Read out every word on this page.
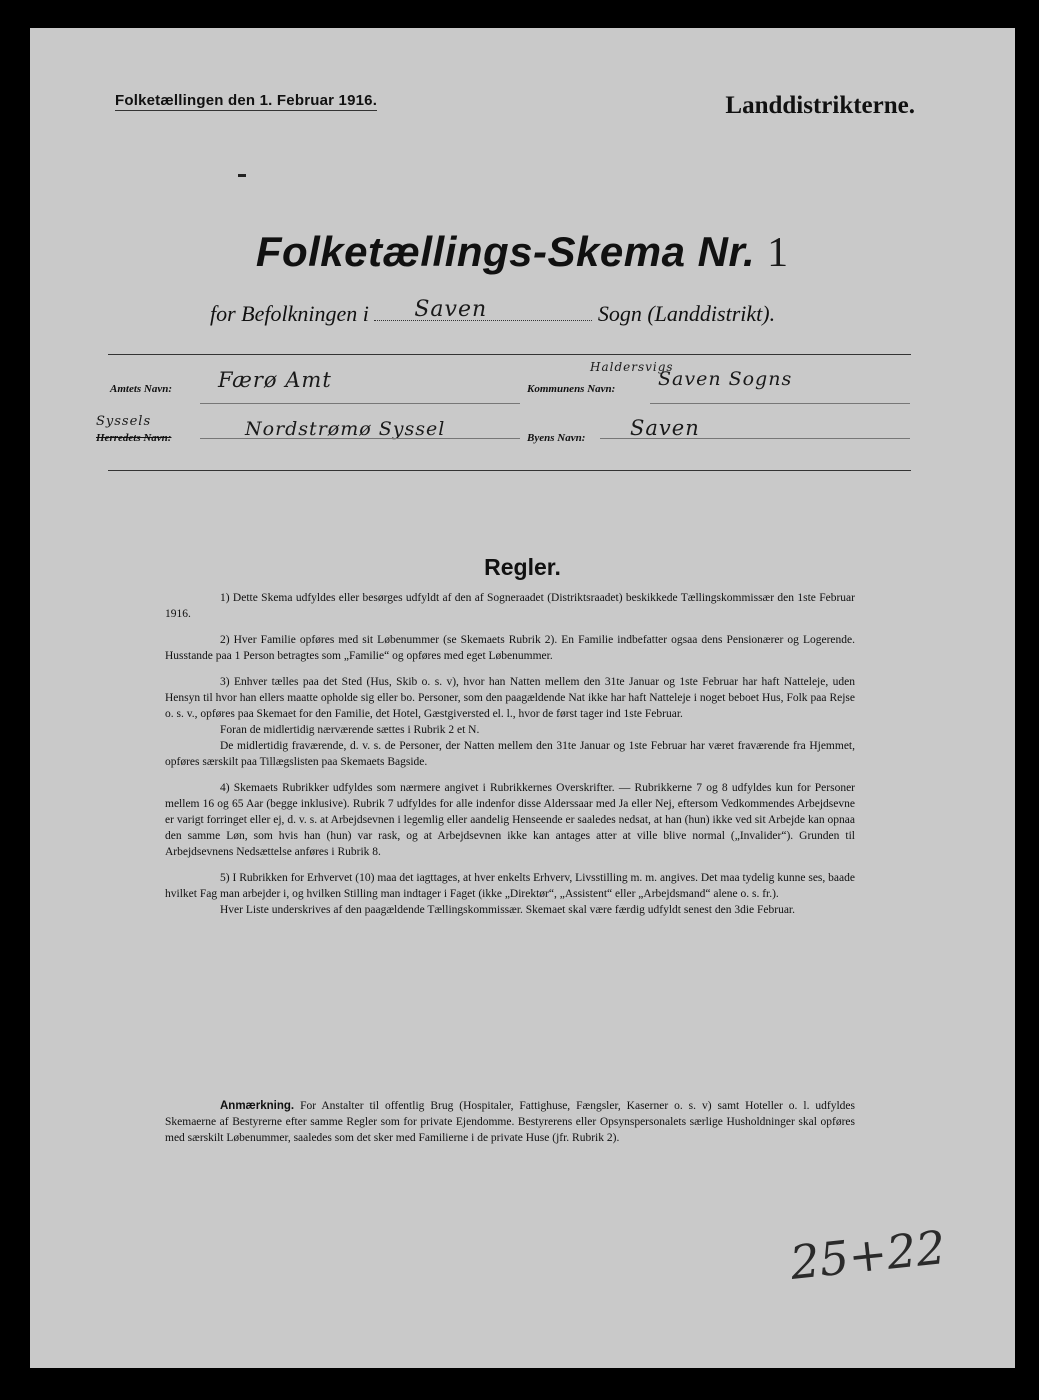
Folketællingen den 1. Februar 1916.	Landdistrikterne.
Folketællings-Skema Nr. 1
for Befolkningen i Saven	Sogn (Landdistrikt).
Amtets Navn: Færø Amt
Haldersvigs
Kommunens Navn: Saven Sogns
Syssels
Herredets Navn:	Nordstrømø Syssel	Byens Navn: Saven
Regler.

1) Dette Skema udfyldes eller besørges udfyldt af den af Sogneraadet (Distriktsraadet) beskikkede Tællingskommissær den 1ste Februar 1916.

2) Hver Familie opføres med sit Løbenummer (se Skemaets Rubrik 2). En Familie indbefatter ogsaa dens Pensionærer og Logerende. Husstande paa 1 Person betragtes som „Familie“ og opføres med eget Løbenummer.

3) Enhver tælles paa det Sted (Hus, Skib o. s. v), hvor han Natten mellem den 31te Januar og 1ste Februar har haft Natteleje, uden Hensyn til hvor han ellers maatte opholde sig eller bo. Personer, som den paagældende Nat ikke har haft Natteleje i noget beboet Hus, Folk paa Rejse o. s. v., opføres paa Skemaet for den Familie, det Hotel, Gæstgiversted el. l., hvor de først tager ind 1ste Februar.

Foran de midlertidig nærværende sættes i Rubrik 2 et N.

De midlertidig fraværende, d. v. s. de Personer, der Natten mellem den 31te Januar og 1ste Februar har været fraværende fra Hjemmet, opføres særskilt paa Tillægslisten paa Skemaets Bagside.

4) Skemaets Rubrikker udfyldes som nærmere angivet i Rubrikkernes Overskrifter. — Rubrikkerne 7 og 8 udfyldes kun for Personer mellem 16 og 65 Aar (begge inklusive). Rubrik 7 udfyldes for alle indenfor disse Alderssaar med Ja eller Nej, eftersom Vedkommendes Arbejdsevne er varigt forringet eller ej, d. v. s. at Arbejdsevnen i legemlig eller aandelig Henseende er saaledes nedsat, at han (hun) ikke ved sit Arbejde kan opnaa den samme Løn, som hvis han (hun) var rask, og at Arbejdsevnen ikke kan antages atter at ville blive normal („Invalider“). Grunden til Arbejdsevnens Nedsættelse anføres i Rubrik 8.

5) I Rubrikken for Erhvervet (10) maa det iagttages, at hver enkelts Erhverv, Livsstilling m. m. angives. Det maa tydelig kunne ses, baade hvilket Fag man arbejder i, og hvilken Stilling man indtager i Faget (ikke „Direktør“, „Assistent“ eller „Arbejdsmand“ alene o. s. fr.).

Hver Liste underskrives af den paagældende Tællingskommissær. Skemaet skal være færdig udfyldt senest den 3die Februar.

Anmærkning. For Anstalter til offentlig Brug (Hospitaler, Fattighuse, Fængsler, Kaserner o. s. v) samt Hoteller o. l. udfyldes Skemaerne af Bestyrerne efter samme Regler som for private Ejendomme. Bestyrerens eller Opsynspersonalets særlige Husholdninger skal opføres med særskilt Løbenummer, saaledes som det sker med Familierne i de private Huse (jfr. Rubrik 2).
25+22
